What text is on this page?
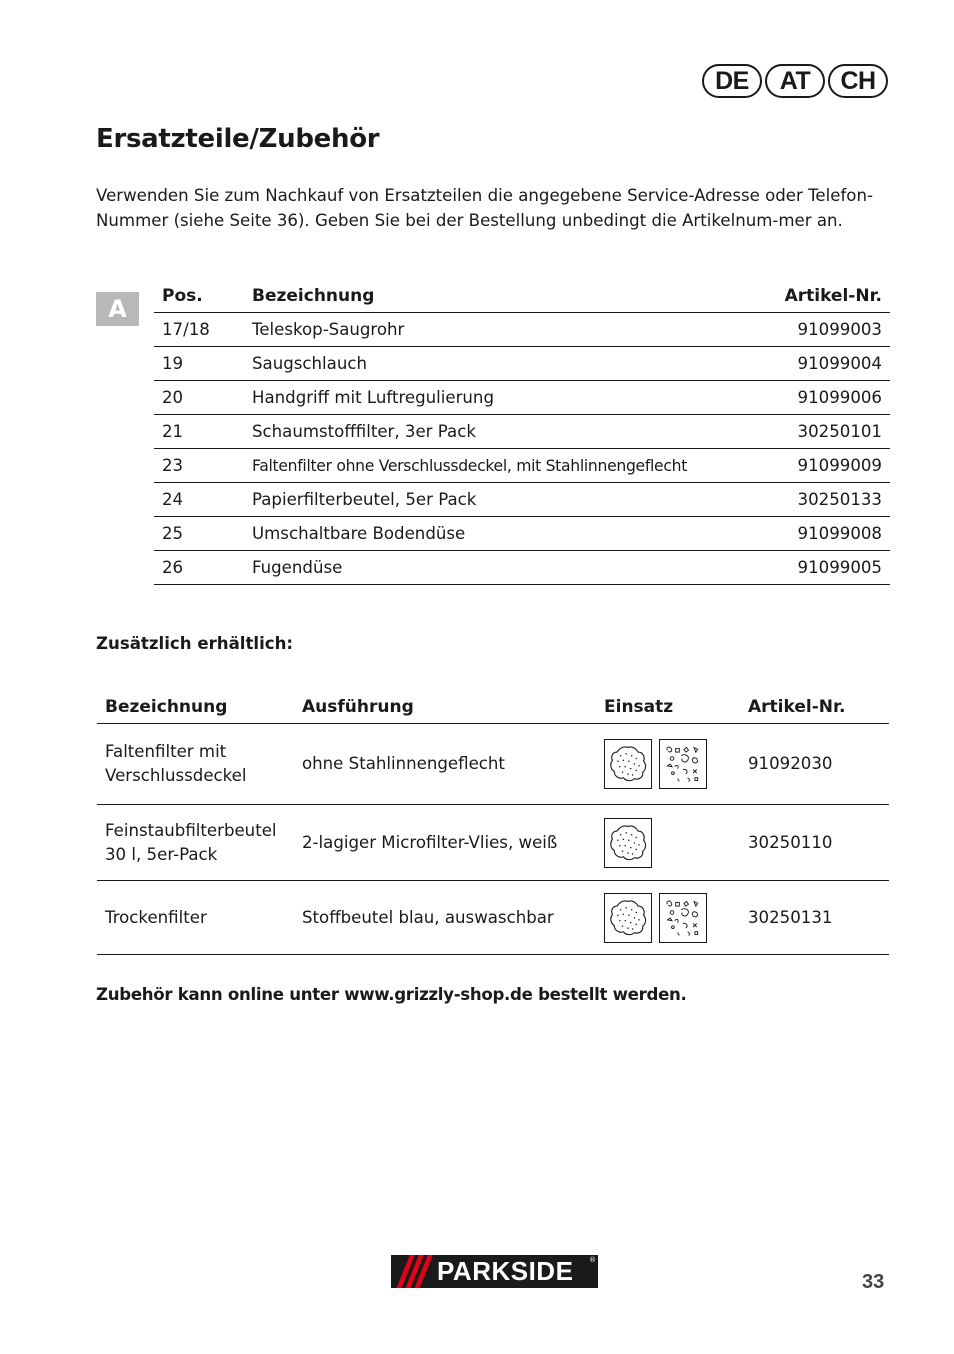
DE	AT	CH
Ersatzteile/Zubehör

Verwenden Sie zum Nachkauf von Ersatzteilen die angegebene Service-Adresse oder Telefon-Nummer (siehe Seite 36). Geben Sie bei der Bestellung unbedingt die Artikelnum-mer an.

A	Pos.	Bezeichnung	Artikel-Nr.
17/18	Teleskop-Saugrohr	91099003
19	Saugschlauch	91099004
20	Handgriff mit Luftregulierung	91099006
21	Schaumstofffilter, 3er Pack	30250101
23	Faltenfilter ohne Verschlussdeckel, mit Stahlinnengeflecht	91099009
24	Papierfilterbeutel, 5er Pack	30250133
25	Umschaltbare Bodendüse	91099008
26	Fugendüse	91099005

Zusätzlich erhältlich:

Bezeichnung	Ausführung	Einsatz	Artikel-Nr.
Faltenfilter mit Verschlussdeckel	ohne Stahlinnengeflecht		91092030
Feinstaubfilterbeutel 30 l, 5er-Pack	2-lagiger Microfilter-Vlies, weiß		30250110
Trockenfilter	Stoffbeutel blau, auswaschbar		30250131

Zubehör kann online unter www.grizzly-shop.de bestellt werden.

PARKSIDE ®

33
